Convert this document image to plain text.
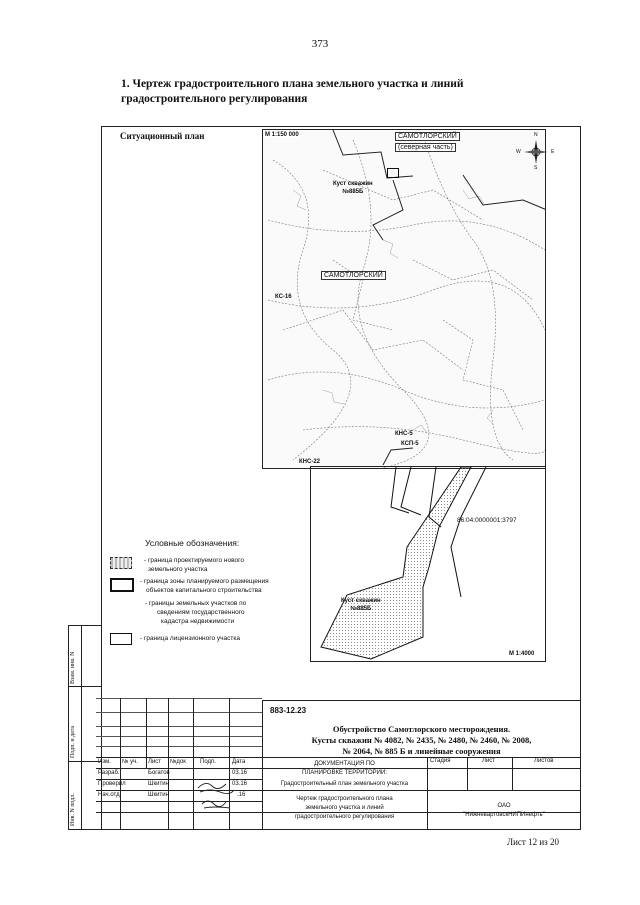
373
1. Чертеж градостроительного плана земельного участка и линий
градостроительного регулирования
Взам. инв. N
Подп. и дата
Инв. N подл.
Ситуационный план	М 1:150 000	САМОТЛОРСКИЙ
(северная часть)
Куст скважин
№885Б
САМОТЛОРСКИЙ
КС-16
КНС-5
КСП-5
КНС-22
N
S
W	E
86:04:0000001:3797
Куст скважин
№885Б
М 1:4000
Условные обозначения:
- граница проектируемого нового
земельного участка
- граница зоны планируемого размещения
объектов капитального строительства
- границы земельных участков по
сведениям государственного
кадастра недвижимости
- граница лицензионного участка
883-12.23
Обустройство Самотлорского месторождения.
Кусты скважин № 4082, № 2435, № 2480, № 2460, № 2008,
№ 2064, № 885 Б и линейные сооружения
ДОКУМЕНТАЦИЯ ПО
ПЛАНИРОВКЕ ТЕРРИТОРИИ:
Стадия	Лист	Листов
Градостроительный план земельного участка
Чертеж градостроительного плана
земельного участка и линий
градостроительного регулирования
ОАО
"НижневартовскНИПИнефть"
Изм. № уч. Лист №док Подп.	Дата
Разраб.	Богатов	03.16
Проверил	Шкитин	03.16
Нач.отд.	Шкитин	.16
Лист 12 из 20
